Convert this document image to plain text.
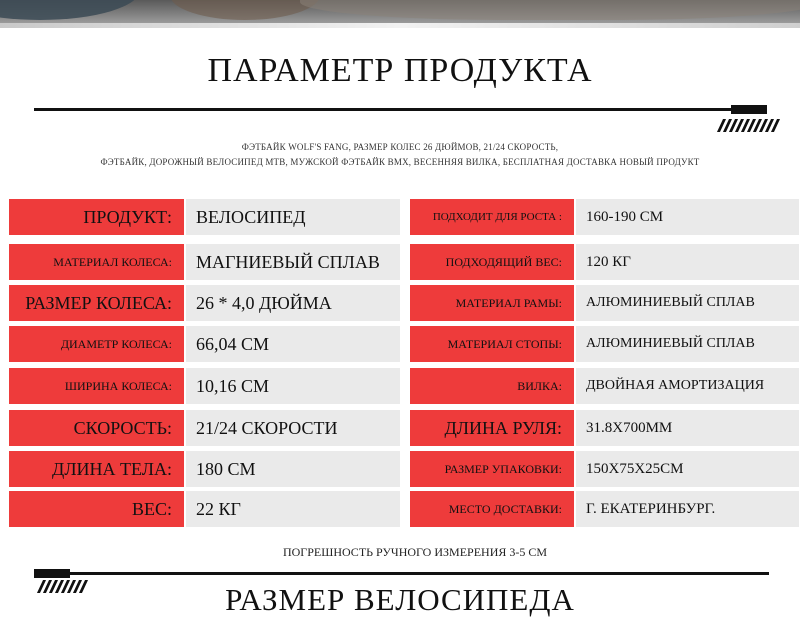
ПАРАМЕТР ПРОДУКТА
ФЭТБАЙК WOLF'S FANG, РАЗМЕР КОЛЕС 26 ДЮЙМОВ, 21/24 СКОРОСТЬ,
ФЭТБАЙК, ДОРОЖНЫЙ ВЕЛОСИПЕД MTB, МУЖСКОЙ ФЭТБАЙК BMX, ВЕСЕННЯЯ ВИЛКА, БЕСПЛАТНАЯ ДОСТАВКА НОВЫЙ ПРОДУКТ
ПРОДУКТ:	ВЕЛОСИПЕД	ПОДХОДИТ ДЛЯ РОСТА :	160-190 СМ
МАТЕРИАЛ КОЛЕСА:	МАГНИЕВЫЙ СПЛАВ	ПОДХОДЯЩИЙ ВЕС:	120 КГ
РАЗМЕР КОЛЕСА:	26 * 4,0 ДЮЙМА	МАТЕРИАЛ РАМЫ:	АЛЮМИНИЕВЫЙ СПЛАВ
ДИАМЕТР КОЛЕСА:	66,04 СМ	МАТЕРИАЛ СТОПЫ:	АЛЮМИНИЕВЫЙ СПЛАВ
ШИРИНА КОЛЕСА:	10,16 СМ	ВИЛКА:	ДВОЙНАЯ АМОРТИЗАЦИЯ
СКОРОСТЬ:	21/24 СКОРОСТИ	ДЛИНА РУЛЯ:	31.8X700MM
ДЛИНА ТЕЛА:	180 СМ	РАЗМЕР УПАКОВКИ:	150X75X25CM
ВЕС:	22 КГ	МЕСТО ДОСТАВКИ:	Г. ЕКАТЕРИНБУРГ.
ПОГРЕШНОСТЬ РУЧНОГО ИЗМЕРЕНИЯ 3-5 СМ
РАЗМЕР ВЕЛОСИПЕДА
